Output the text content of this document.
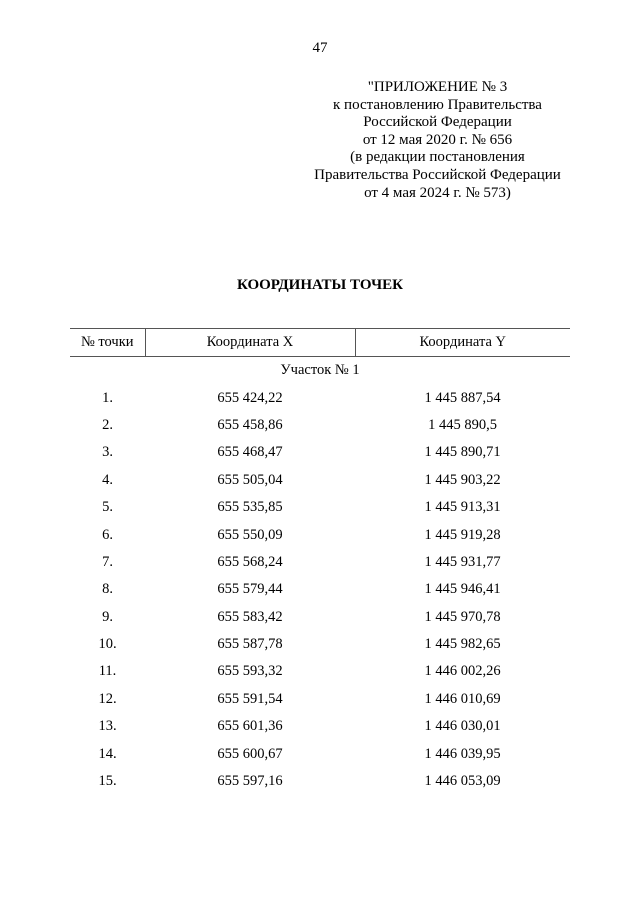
47
"ПРИЛОЖЕНИЕ № 3
к постановлению Правительства
Российской Федерации
от 12 мая 2020 г. № 656
(в редакции постановления
Правительства Российской Федерации
от 4 мая 2024 г. № 573)
КООРДИНАТЫ ТОЧЕК
№ точки	Координата X	Координата Y
Участок № 1		
1.	655 424,22	1 445 887,54
2.	655 458,86	1 445 890,5
3.	655 468,47	1 445 890,71
4.	655 505,04	1 445 903,22
5.	655 535,85	1 445 913,31
6.	655 550,09	1 445 919,28
7.	655 568,24	1 445 931,77
8.	655 579,44	1 445 946,41
9.	655 583,42	1 445 970,78
10.	655 587,78	1 445 982,65
11.	655 593,32	1 446 002,26
12.	655 591,54	1 446 010,69
13.	655 601,36	1 446 030,01
14.	655 600,67	1 446 039,95
15.	655 597,16	1 446 053,09
